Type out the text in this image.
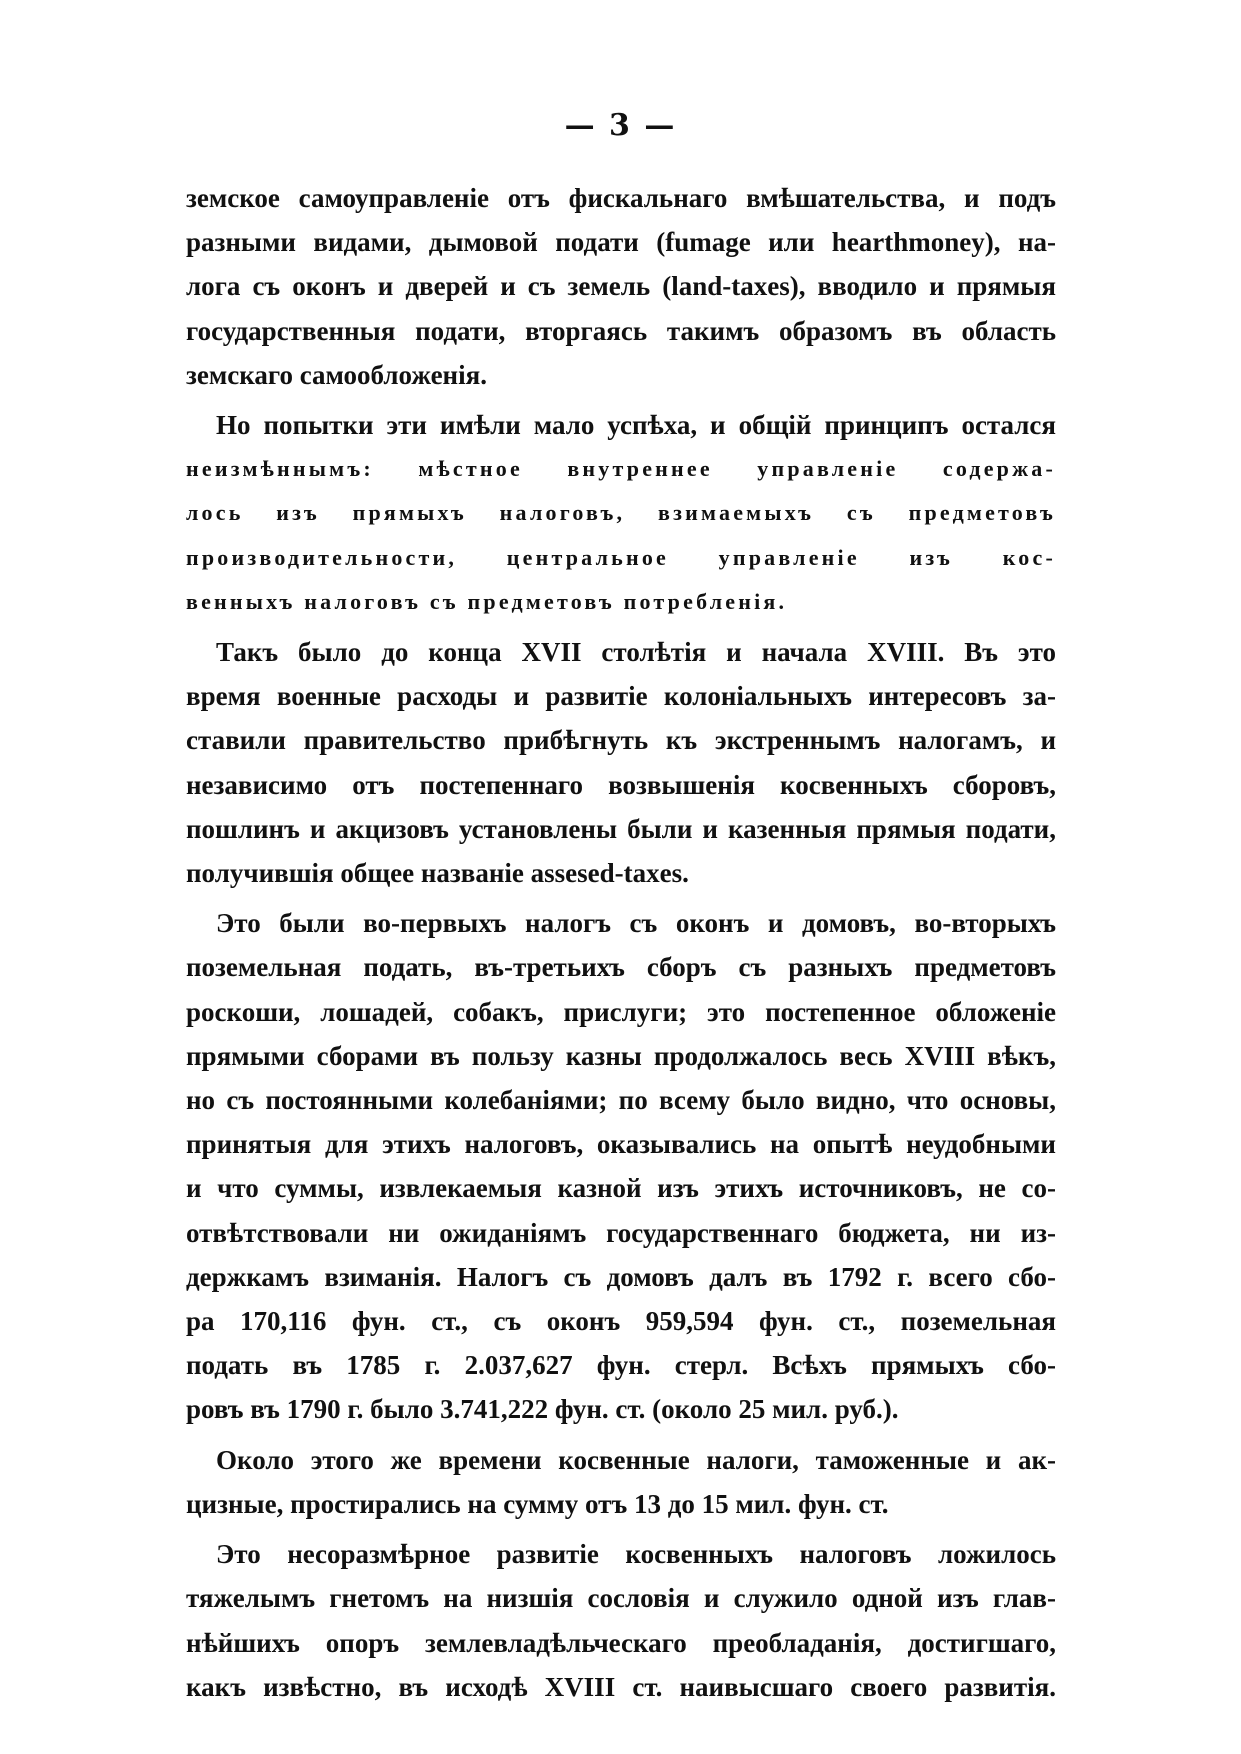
— 3 —
земское самоуправленіе отъ фискальнаго вмѣшательства, и подъ
разными видами, дымовой подати (fumage или hearthmoney), на-
лога съ оконъ и дверей и съ земель (land-taxes), вводило и прямыя
государственныя подати, вторгаясь такимъ образомъ въ область
земскаго самообложенія.
Но попытки эти имѣли мало успѣха, и общій принципъ остался
неизмѣннымъ: мѣстное внутреннее управленіе содержа-
лось изъ прямыхъ налоговъ, взимаемыхъ съ предметовъ
производительности, центральное управленіе изъ кос-
венныхъ налоговъ съ предметовъ потребленія.
Такъ было до конца XVII столѣтія и начала XVIII. Въ это
время военные расходы и развитіе колоніальныхъ интересовъ за-
ставили правительство прибѣгнуть къ экстреннымъ налогамъ, и
независимо отъ постепеннаго возвышенія косвенныхъ сборовъ,
пошлинъ и акцизовъ установлены были и казенныя прямыя подати,
получившія общее названіе assesed-taxes.
Это были во-первыхъ налогъ съ оконъ и домовъ, во-вторыхъ
поземельная подать, въ-третьихъ сборъ съ разныхъ предметовъ
роскоши, лошадей, собакъ, прислуги; это постепенное обложеніе
прямыми сборами въ пользу казны продолжалось весь XVIII вѣкъ,
но съ постоянными колебаніями; по всему было видно, что основы,
принятыя для этихъ налоговъ, оказывались на опытѣ неудобными
и что суммы, извлекаемыя казной изъ этихъ источниковъ, не со-
отвѣтствовали ни ожиданіямъ государственнаго бюджета, ни из-
держкамъ взиманія. Налогъ съ домовъ далъ въ 1792 г. всего сбо-
ра 170,116 фун. ст., съ оконъ 959,594 фун. ст., поземельная
подать въ 1785 г. 2.037,627 фун. стерл. Всѣхъ прямыхъ сбо-
ровъ въ 1790 г. было 3.741,222 фун. ст. (около 25 мил. руб.).
Около этого же времени косвенные налоги, таможенные и ак-
цизные, простирались на сумму отъ 13 до 15 мил. фун. ст.
Это несоразмѣрное развитіе косвенныхъ налоговъ ложилось
тяжелымъ гнетомъ на низшія сословія и служило одной изъ глав-
нѣйшихъ опоръ землевладѣльческаго преобладанія, достигшаго,
какъ извѣстно, въ исходѣ XVIII ст. наивысшаго своего развитія.
